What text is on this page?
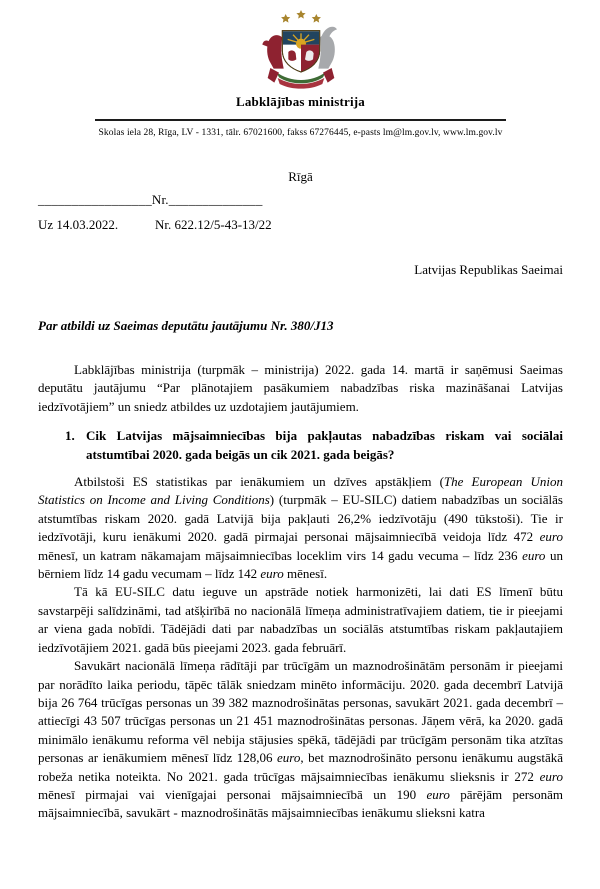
Labklājības ministrija
Skolas iela 28, Rīga, LV - 1331, tālr. 67021600, fakss 67276445, e-pasts lm@lm.gov.lv, www.lm.gov.lv
Rīgā
_________________Nr.______________
Uz 14.03.2022.	Nr. 622.12/5-43-13/22
Latvijas Republikas Saeimai
Par atbildi uz Saeimas deputātu jautājumu Nr. 380/J13

Labklājības ministrija (turpmāk – ministrija) 2022. gada 14. martā ir saņēmusi Saeimas deputātu jautājumu “Par plānotajiem pasākumiem nabadzības riska mazināšanai Latvijas iedzīvotājiem” un sniedz atbildes uz uzdotajiem jautājumiem.

1. Cik Latvijas mājsaimniecības bija pakļautas nabadzības riskam vai sociālai atstumtībai 2020. gada beigās un cik 2021. gada beigās?

Atbilstoši ES statistikas par ienākumiem un dzīves apstākļiem (The European Union Statistics on Income and Living Conditions) (turpmāk – EU-SILC) datiem nabadzības un sociālās atstumtības riskam 2020. gadā Latvijā bija pakļauti 26,2% iedzīvotāju (490 tūkstoši). Tie ir iedzīvotāji, kuru ienākumi 2020. gadā pirmajai personai mājsaimniecībā veidoja līdz 472 euro mēnesī, un katram nākamajam mājsaimniecības loceklim virs 14 gadu vecuma – līdz 236 euro un bērniem līdz 14 gadu vecumam – līdz 142 euro mēnesī.

Tā kā EU-SILC datu ieguve un apstrāde notiek harmonizēti, lai dati ES līmenī būtu savstarpēji salīdzināmi, tad atšķirībā no nacionālā līmeņa administratīvajiem datiem, tie ir pieejami ar viena gada nobīdi. Tādējādi dati par nabadzības un sociālās atstumtības riskam pakļautajiem iedzīvotājiem 2021. gadā būs pieejami 2023. gada februārī.

Savukārt nacionālā līmeņa rādītāji par trūcīgām un maznodrošinātām personām ir pieejami par norādīto laika periodu, tāpēc tālāk sniedzam minēto informāciju. 2020. gada decembrī Latvijā bija 26 764 trūcīgas personas un 39 382 maznodrošinātas personas, savukārt 2021. gada decembrī – attiecīgi 43 507 trūcīgas personas un 21 451 maznodrošinātas personas. Jāņem vērā, ka 2020. gadā minimālo ienākumu reforma vēl nebija stājusies spēkā, tādējādi par trūcīgām personām tika atzītas personas ar ienākumiem mēnesī līdz 128,06 euro, bet maznodrošināto personu ienākumu augstākā robeža netika noteikta. No 2021. gada trūcīgas mājsaimniecības ienākumu slieksnis ir 272 euro mēnesī pirmajai vai vienīgajai personai mājsaimniecībā un 190 euro pārējām personām mājsaimniecībā, savukārt - maznodrošinātās mājsaimniecības ienākumu slieksni katra
